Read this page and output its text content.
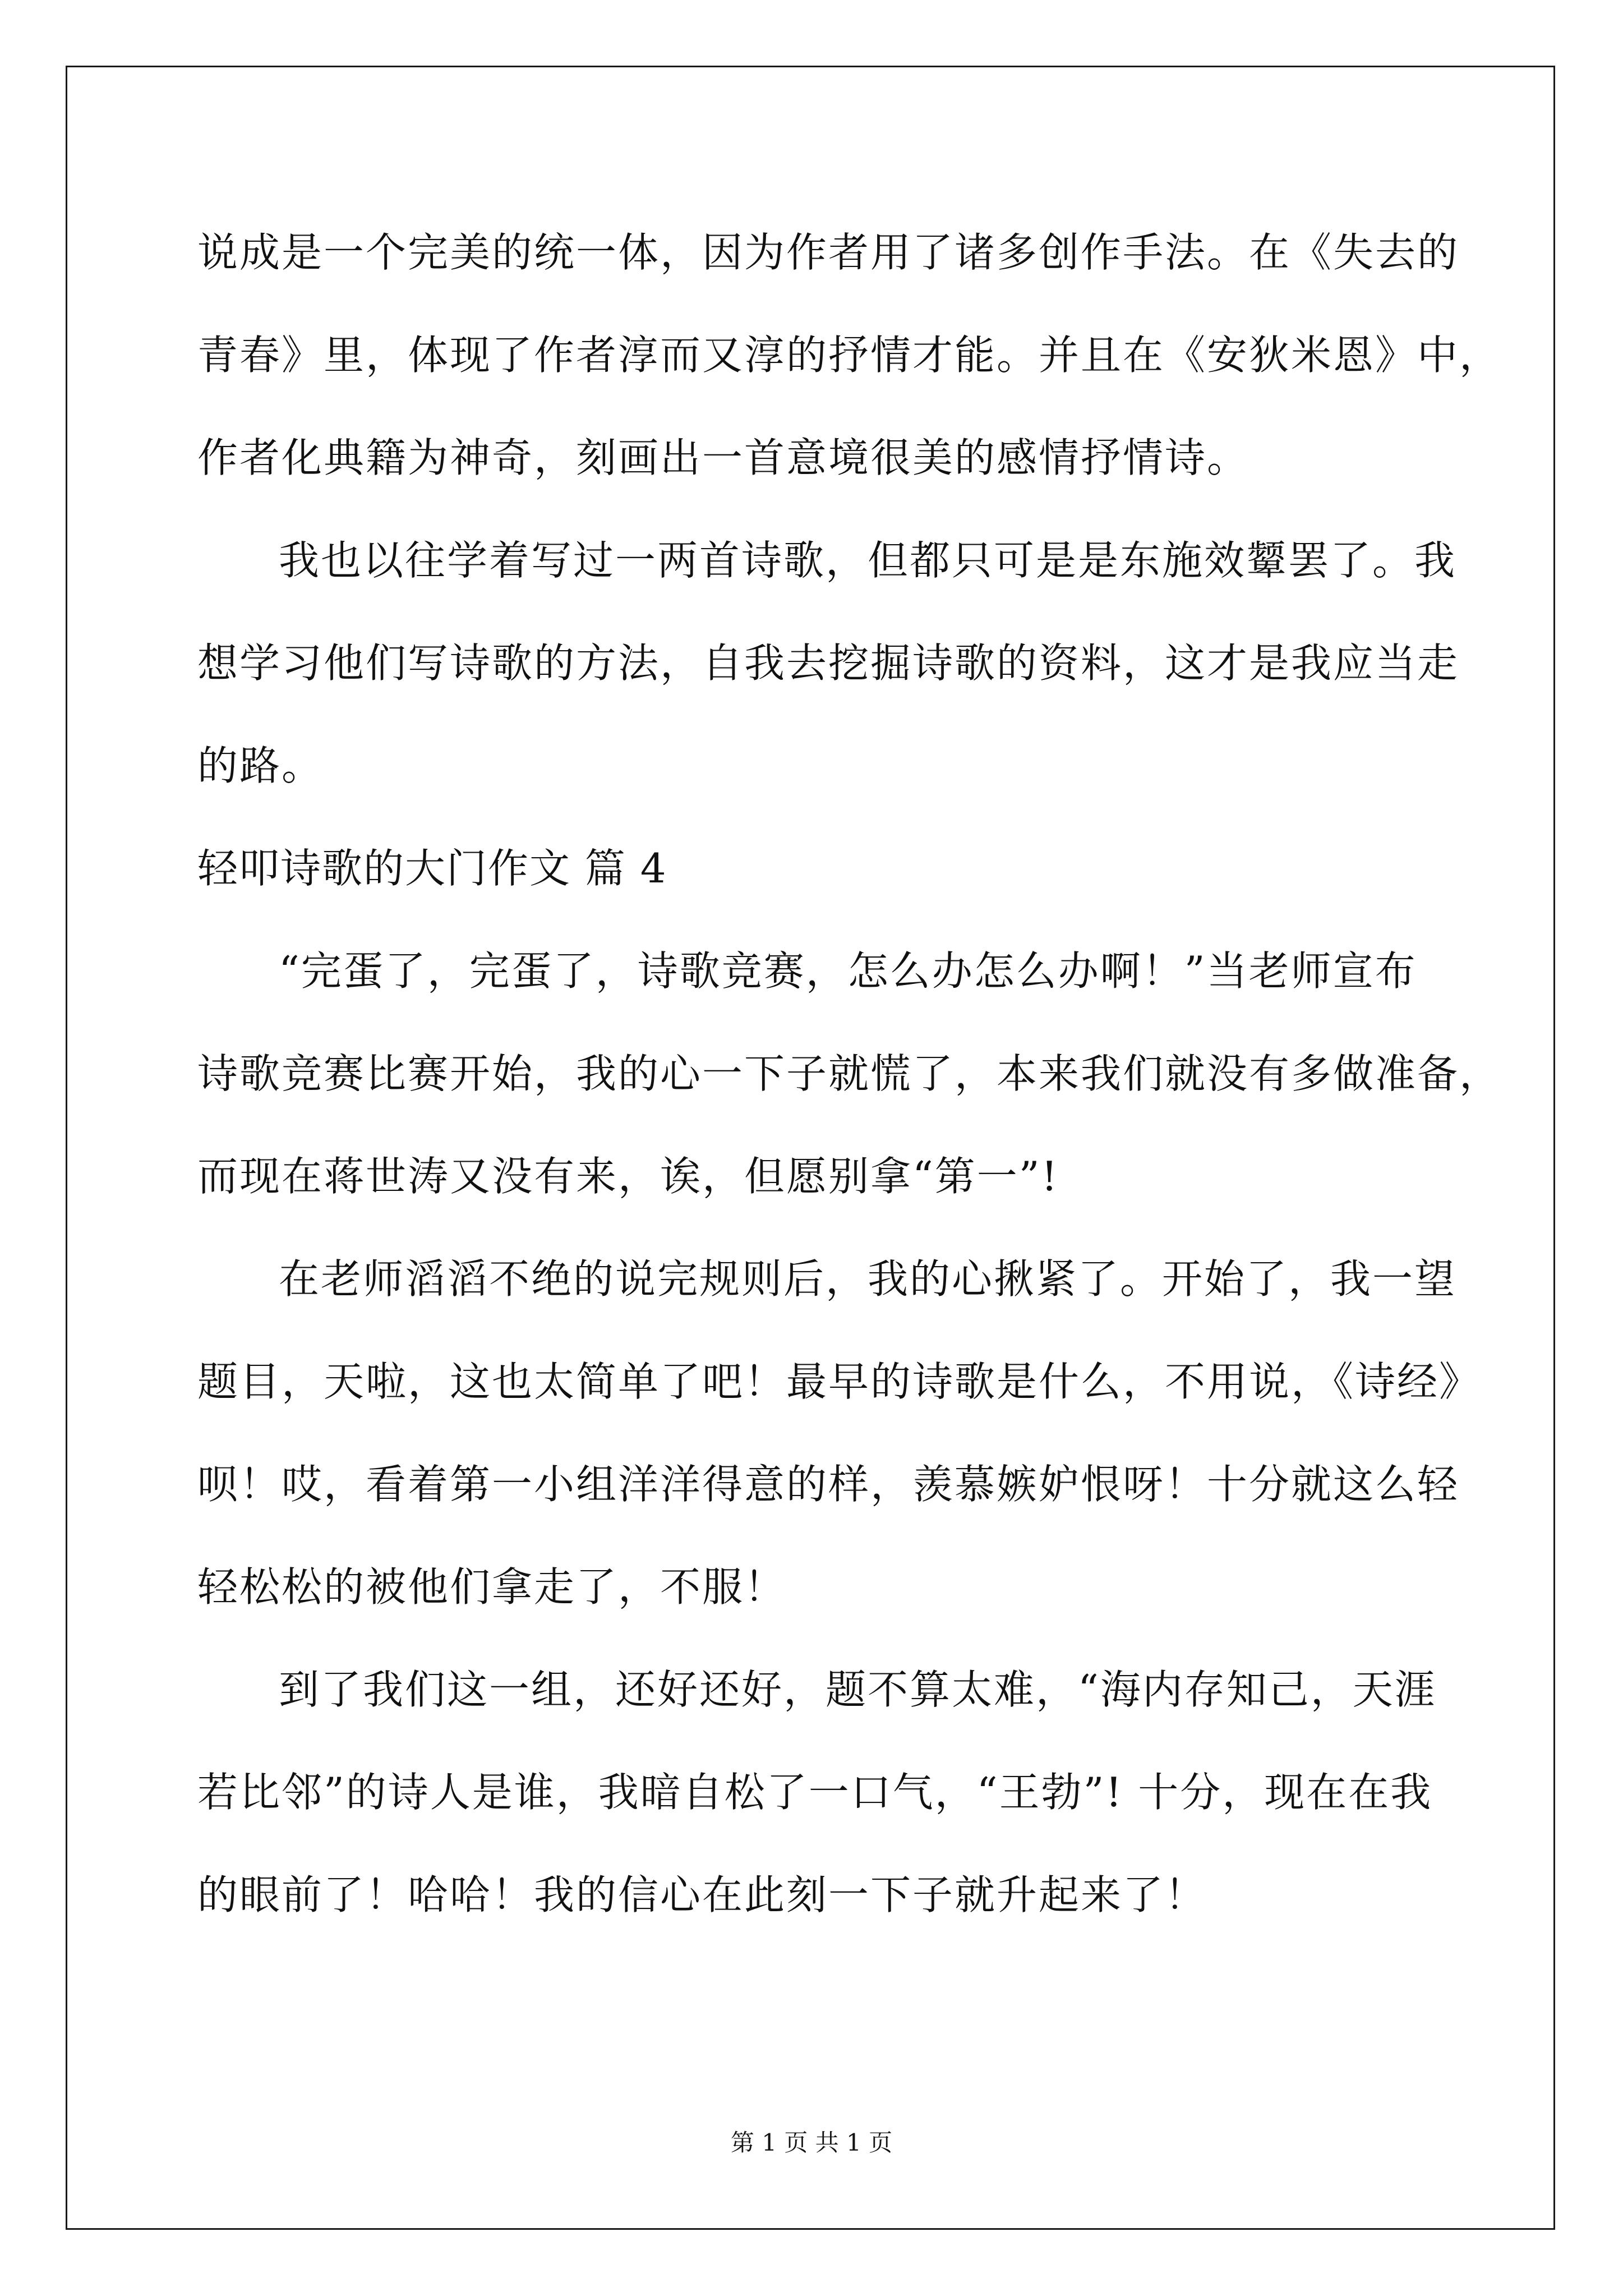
说成是一个完美的统一体，因为作者用了诸多创作手法。在《失去的
青春》里，体现了作者淳而又淳的抒情才能。并且在《安狄米恩》中，
作者化典籍为神奇，刻画出一首意境很美的感情抒情诗。
我也以往学着写过一两首诗歌，但都只可是是东施效颦罢了。我
想学习他们写诗歌的方法，自我去挖掘诗歌的资料，这才是我应当走
的路。
轻叩诗歌的大门作文 篇 4
“完蛋了，完蛋了，诗歌竞赛，怎么办怎么办啊！”当老师宣布
诗歌竞赛比赛开始，我的心一下子就慌了，本来我们就没有多做准备，
而现在蒋世涛又没有来，诶，但愿别拿“第一”!
在老师滔滔不绝的说完规则后，我的心揪紧了。开始了，我一望
题目，天啦，这也太简单了吧！最早的诗歌是什么，不用说，《诗经》
呗！哎，看着第一小组洋洋得意的样，羡慕嫉妒恨呀！十分就这么轻
轻松松的被他们拿走了，不服！
到了我们这一组，还好还好，题不算太难，“海内存知己，天涯
若比邻”的诗人是谁，我暗自松了一口气，“王勃”! 十分，现在在我
的眼前了！哈哈！我的信心在此刻一下子就升起来了！
第 1 页 共 1 页
